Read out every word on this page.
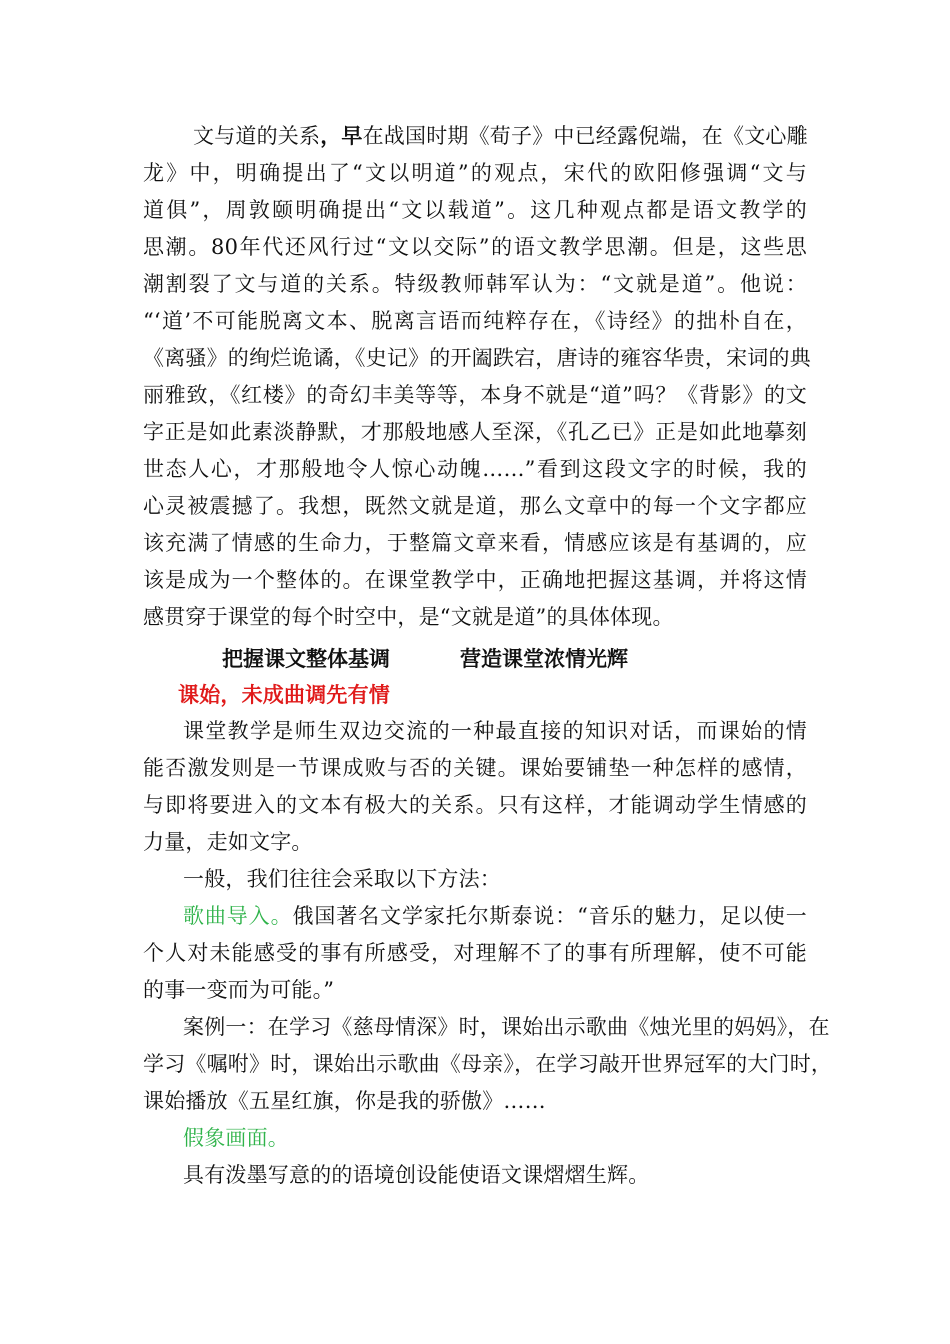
文与道的关系，早在战国时期《荀子》中已经露倪端，在《文心雕
龙》中，明确提出了“文以明道”的观点，宋代的欧阳修强调“文与
道俱”，周敦颐明确提出“文以载道”。这几种观点都是语文教学的
思潮。80年代还风行过“文以交际”的语文教学思潮。但是，这些思
潮割裂了文与道的关系。特级教师韩军认为：“文就是道”。他说：
“‘道’不可能脱离文本、脱离言语而纯粹存在，《诗经》的拙朴自在，
《离骚》的绚烂诡谲，《史记》的开阖跌宕，唐诗的雍容华贵，宋词的典
丽雅致，《红楼》的奇幻丰美等等，本身不就是“道”吗？《背影》的文
字正是如此素淡静默，才那般地感人至深，《孔乙已》正是如此地摹刻
世态人心，才那般地令人惊心动魄……”看到这段文字的时候，我的
心灵被震撼了。我想，既然文就是道，那么文章中的每一个文字都应
该充满了情感的生命力，于整篇文章来看，情感应该是有基调的，应
该是成为一个整体的。在课堂教学中，正确地把握这基调，并将这情
感贯穿于课堂的每个时空中，是“文就是道”的具体体现。
把握课文整体基调	营造课堂浓情光辉
课始，未成曲调先有情
课堂教学是师生双边交流的一种最直接的知识对话，而课始的情
能否激发则是一节课成败与否的关键。课始要铺垫一种怎样的感情，
与即将要进入的文本有极大的关系。只有这样，才能调动学生情感的
力量，走如文字。
一般，我们往往会采取以下方法：
歌曲导入。俄国著名文学家托尔斯泰说：“音乐的魅力，足以使一
个人对未能感受的事有所感受，对理解不了的事有所理解，使不可能
的事一变而为可能。”
案例一：在学习《慈母情深》时，课始出示歌曲《烛光里的妈妈》，在
学习《嘱咐》时，课始出示歌曲《母亲》，在学习敲开世界冠军的大门时，
课始播放《五星红旗，你是我的骄傲》……
假象画面。
具有泼墨写意的的语境创设能使语文课熠熠生辉。
